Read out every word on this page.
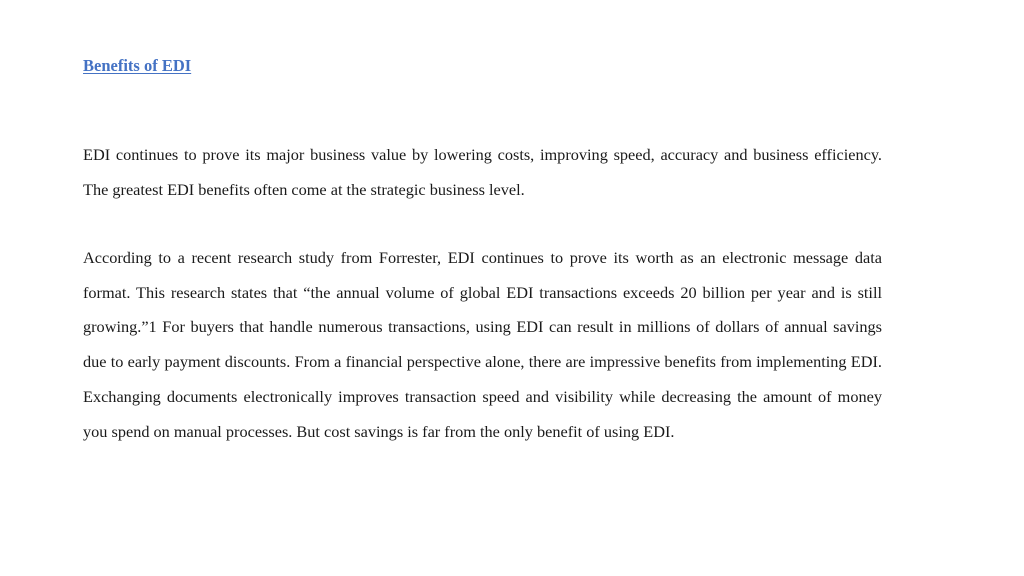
Benefits of EDI

EDI continues to prove its major business value by lowering costs, improving speed, accuracy and business efficiency. The greatest EDI benefits often come at the strategic business level.

According to a recent research study from Forrester, EDI continues to prove its worth as an electronic message data format. This research states that “the annual volume of global EDI transactions exceeds 20 billion per year and is still growing.”1 For buyers that handle numerous transactions, using EDI can result in millions of dollars of annual savings due to early payment discounts. From a financial perspective alone, there are impressive benefits from implementing EDI. Exchanging documents electronically improves transaction speed and visibility while decreasing the amount of money you spend on manual processes. But cost savings is far from the only benefit of using EDI.
